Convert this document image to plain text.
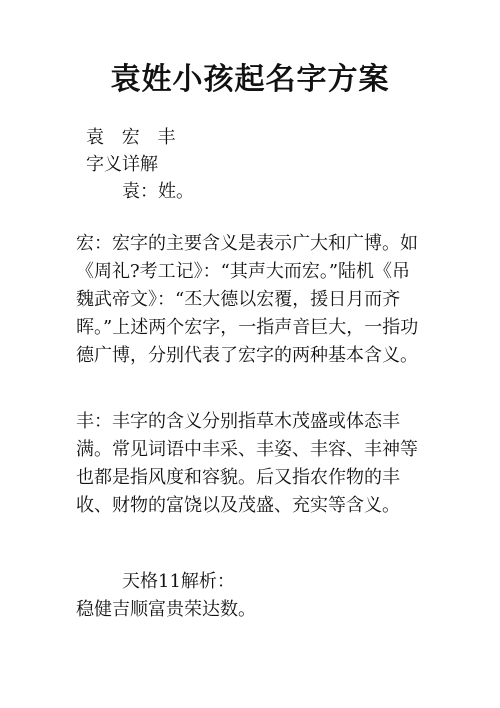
袁姓小孩起名字方案
袁 宏 丰
字义详解
袁：姓。

宏：宏字的主要含义是表示广大和广博。如《周礼?考工记》：“其声大而宏。”陆机《吊魏武帝文》：“丕大德以宏覆，援日月而齐晖。”上述两个宏字，一指声音巨大，一指功德广博，分别代表了宏字的两种基本含义。

丰：丰字的含义分别指草木茂盛或体态丰满。常见词语中丰采、丰姿、丰容、丰神等也都是指风度和容貌。后又指农作物的丰收、财物的富饶以及茂盛、充实等含义。

天格11解析：
稳健吉顺富贵荣达数。
